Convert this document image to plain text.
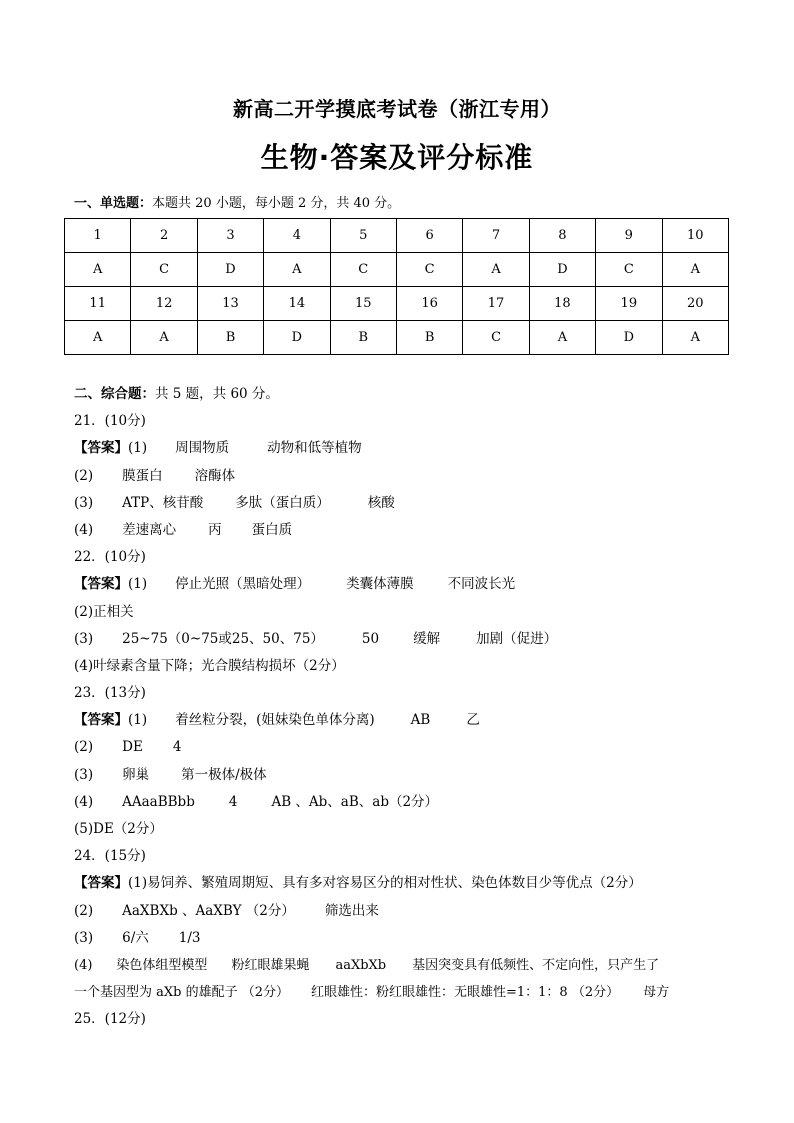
新高二开学摸底考试卷（浙江专用）
生物·答案及评分标准
一、单选题：本题共 20 小题，每小题 2 分，共 40 分。
1	2	3	4	5	6	7	8	9	10
A	C	D	A	C	C	A	D	C	A
11	12	13	14	15	16	17	18	19	20
A	A	B	D	B	B	C	A	D	A
二、综合题：共 5 题，共 60 分。
21．(10分)
【答案】(1) 周围物质	动物和低等植物
(2) 膜蛋白 溶酶体
(3) ATP、核苷酸 多肽（蛋白质）	核酸
(4) 差速离心 丙 蛋白质
22．(10分)
【答案】(1) 停止光照（黑暗处理）	类囊体薄膜	不同波长光
(2)正相关
(3) 25~75（0~75或25、50、75）	50	缓解	加剧（促进）
(4)叶绿素含量下降；光合膜结构损坏（2分）
23．(13分)
【答案】(1) 着丝粒分裂，(姐妹染色单体分离)	AB	乙
(2) DE 4
(3) 卵巢 第一极体/极体
(4) AAaaBBbb	4	AB 、Ab、aB、ab（2分）
(5)DE（2分）
24．(15分)
【答案】(1)易饲养、繁殖周期短、具有多对容易区分的相对性状、染色体数目少等优点（2分）
(2) AaXBXb 、AaXBY （2分） 筛选出来
(3) 6/六 1/3
(4) 染色体组型模型 粉红眼雄果蝇 aaXbXb 基因突变具有低频性、不定向性，只产生了
一个基因型为 aXb 的雄配子 （2分） 红眼雄性：粉红眼雄性：无眼雄性=1：1：8 （2分） 母方
25．(12分)
